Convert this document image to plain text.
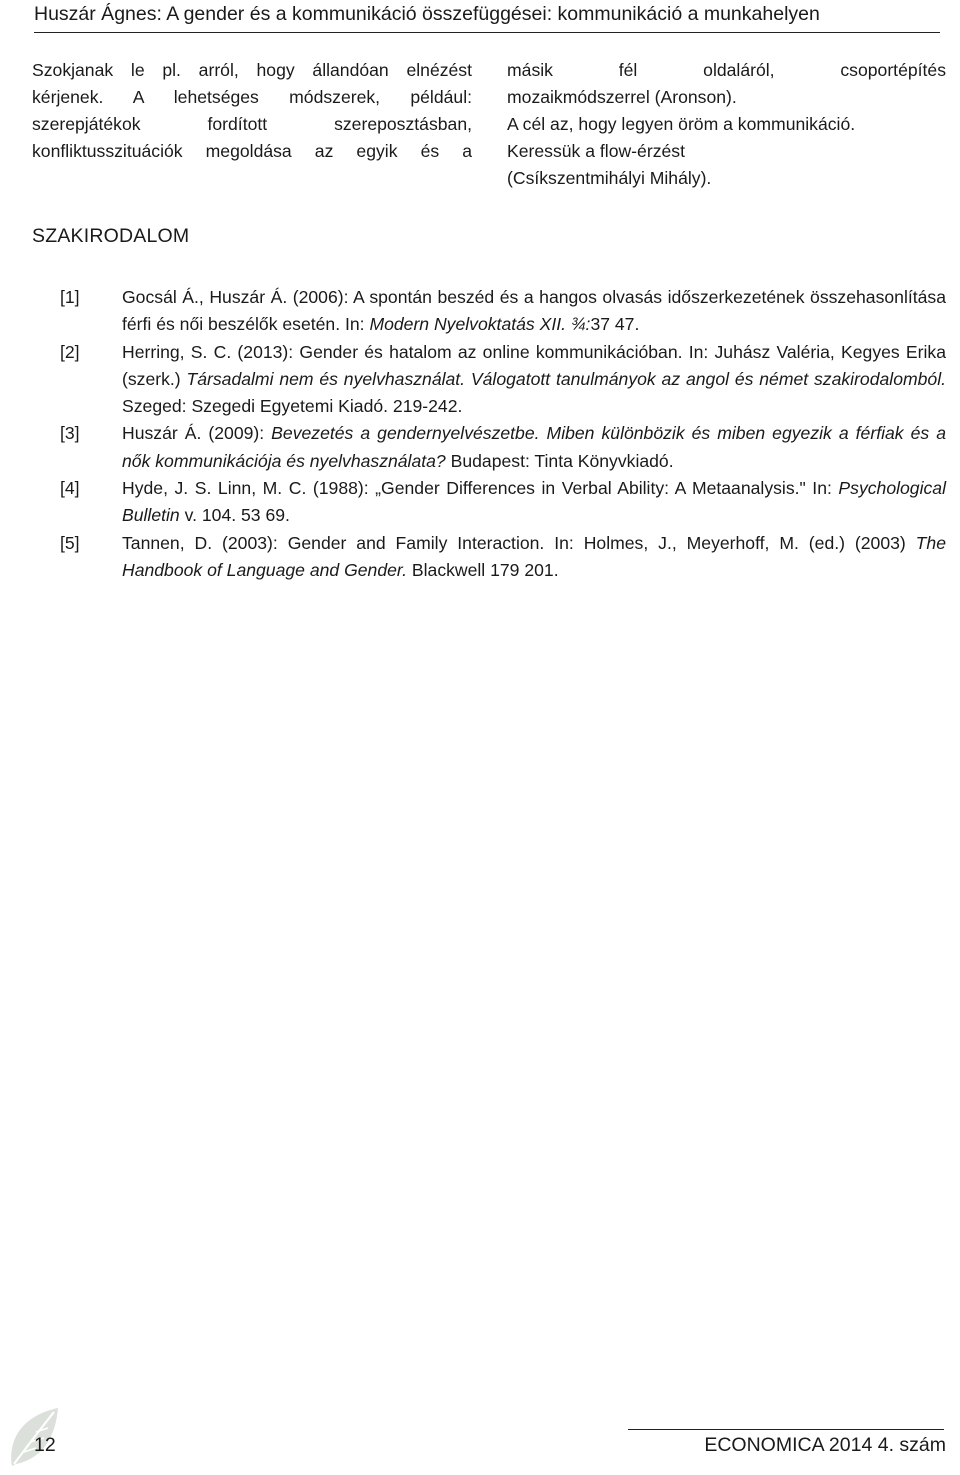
Huszár Ágnes: A gender és a kommunikáció összefüggései: kommunikáció a munkahelyen

Szokjanak le pl. arról, hogy állandóan elnézést
kérjenek. A lehetséges módszerek, például:
szerepjátékok fordított szereposztásban,
konfliktusszituációk megoldása az egyik és a

másik fél oldaláról, csoportépítés
mozaikmódszerrel (Aronson).
A cél az, hogy legyen öröm a kommunikáció.
Keressük a flow-érzést
(Csíkszentmihályi Mihály).

SZAKIRODALOM

[1] Gocsál Á., Huszár Á. (2006): A spontán beszéd és a hangos olvasás időszerkezetének összehasonlítása férfi és női beszélők esetén. In: Modern Nyelvoktatás XII. ¾:37 47.

[2] Herring, S. C. (2013): Gender és hatalom az online kommunikációban. In: Juhász Valéria, Kegyes Erika (szerk.) Társadalmi nem és nyelvhasználat. Válogatott tanulmányok az angol és német szakirodalomból. Szeged: Szegedi Egyetemi Kiadó. 219-242.

[3] Huszár Á. (2009): Bevezetés a gendernyelvészetbe. Miben különbözik és miben egyezik a férfiak és a nők kommunikációja és nyelvhasználata? Budapest: Tinta Könyvkiadó.

[4] Hyde, J. S. Linn, M. C. (1988): „Gender Differences in Verbal Ability: A Metaanalysis." In: Psychological Bulletin v. 104. 53 69.

[5] Tannen, D. (2003): Gender and Family Interaction. In: Holmes, J., Meyerhoff, M. (ed.) (2003) The Handbook of Language and Gender. Blackwell 179 201.

12	ECONOMICA 2014 4. szám
